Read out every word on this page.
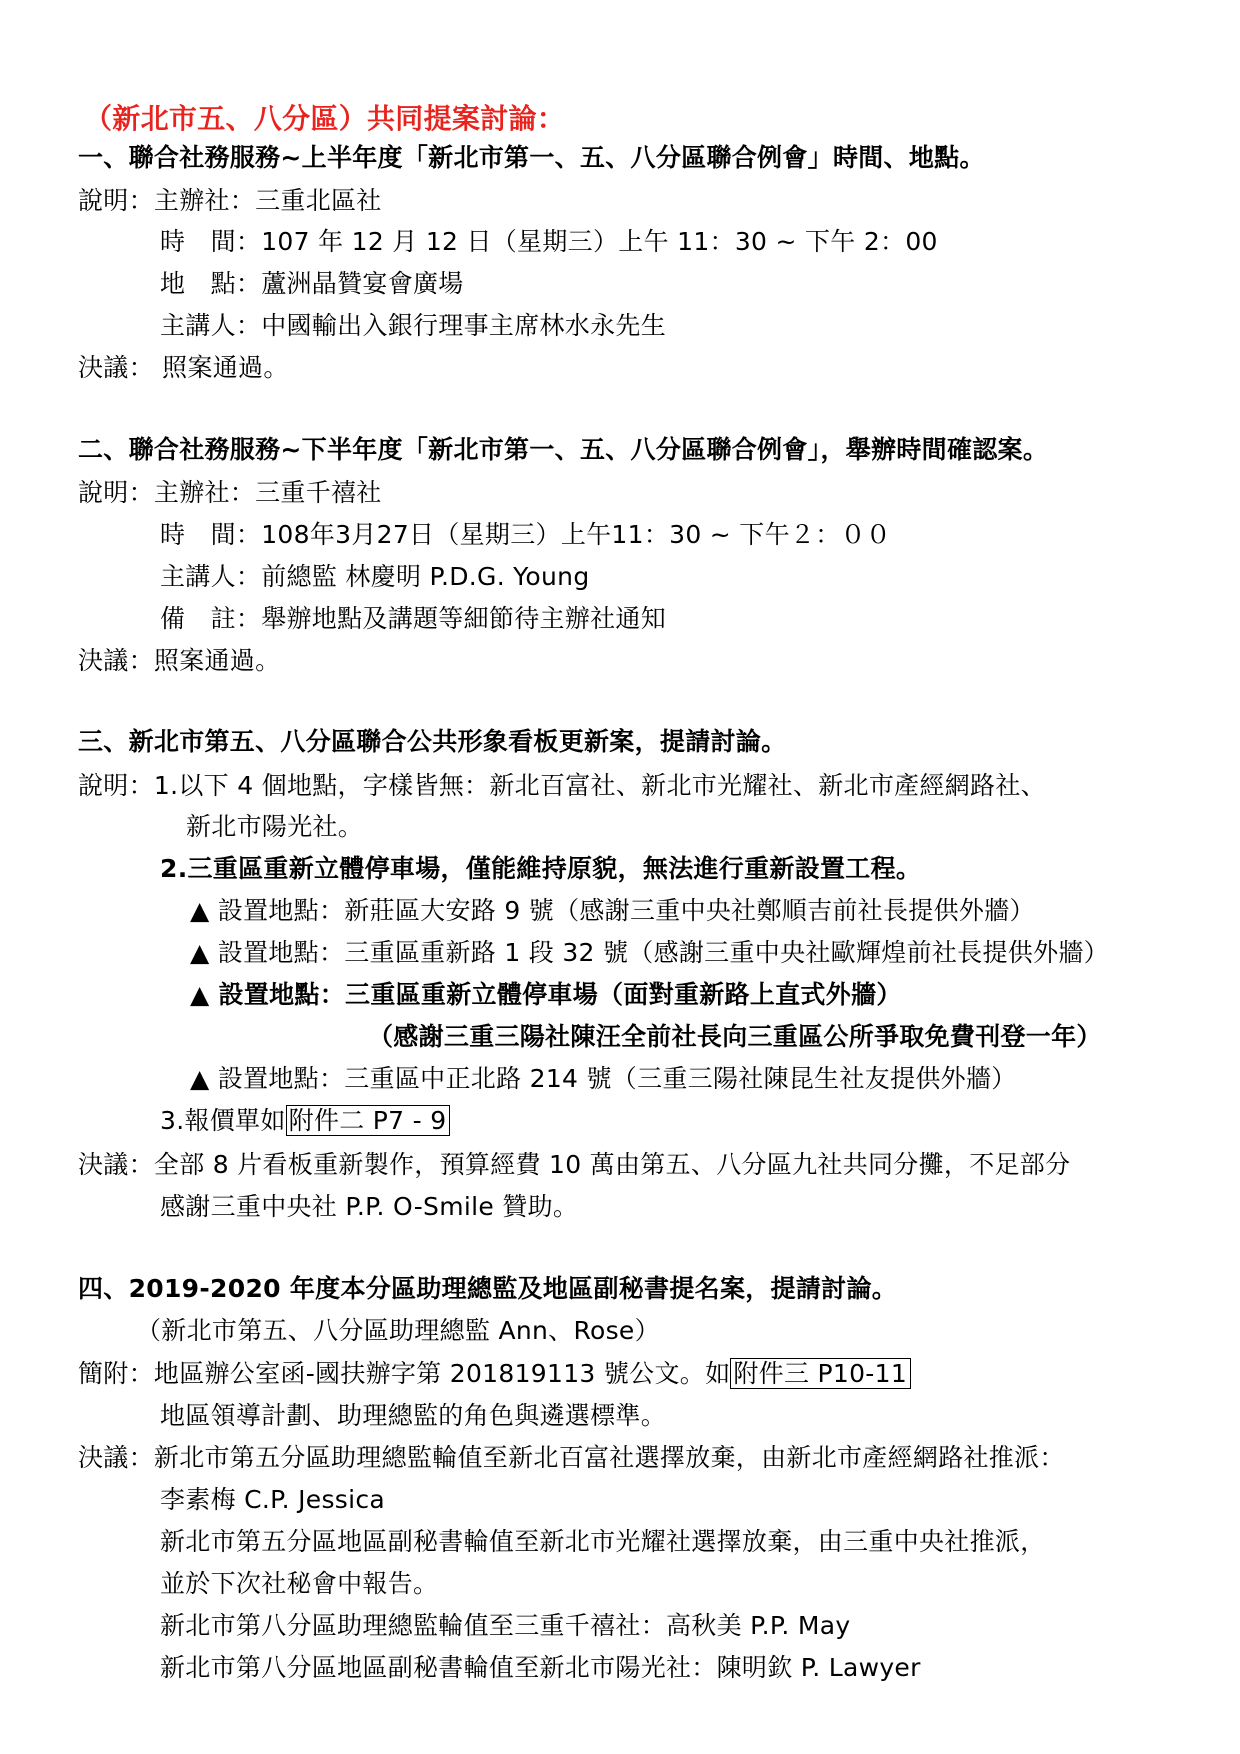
（新北市五、八分區）共同提案討論：
一、聯合社務服務~上半年度「新北市第一、五、八分區聯合例會」時間、地點。
說明：主辦社：三重北區社
時　間：107 年 12 月 12 日（星期三）上午 11：30 ~ 下午 2：00
地　點：蘆洲晶贊宴會廣場
主講人：中國輸出入銀行理事主席林水永先生
決議： 照案通過。
二、聯合社務服務~下半年度「新北市第一、五、八分區聯合例會」，舉辦時間確認案。
說明：主辦社：三重千禧社
時　間：108年3月27日（星期三）上午11：30 ~ 下午２：００
主講人：前總監 林慶明 P.D.G. Young
備　註：舉辦地點及講題等細節待主辦社通知
決議：照案通過。
三、新北市第五、八分區聯合公共形象看板更新案，提請討論。
說明：1.以下 4 個地點，字樣皆無：新北百富社、新北市光耀社、新北市產經網路社、
新北市陽光社。
2.三重區重新立體停車場，僅能維持原貌，無法進行重新設置工程。
▲ 設置地點：新莊區大安路 9 號（感謝三重中央社鄭順吉前社長提供外牆）
▲ 設置地點：三重區重新路 1 段 32 號（感謝三重中央社歐輝煌前社長提供外牆）
▲ 設置地點：三重區重新立體停車場（面對重新路上直式外牆）
（感謝三重三陽社陳汪全前社長向三重區公所爭取免費刊登一年）
▲ 設置地點：三重區中正北路 214 號（三重三陽社陳昆生社友提供外牆）
3.報價單如 附件二 P7 - 9
決議：全部 8 片看板重新製作，預算經費 10 萬由第五、八分區九社共同分攤，不足部分
感謝三重中央社 P.P. O-Smile 贊助。
四、2019-2020 年度本分區助理總監及地區副秘書提名案，提請討論。
（新北市第五、八分區助理總監 Ann、Rose）
簡附：地區辦公室函-國扶辦字第 201819113 號公文。如 附件三 P10-11
地區領導計劃、助理總監的角色與遴選標準。
決議：新北市第五分區助理總監輪值至新北百富社選擇放棄，由新北市產經網路社推派：
李素梅 C.P. Jessica
新北市第五分區地區副秘書輪值至新北市光耀社選擇放棄，由三重中央社推派，
並於下次社秘會中報告。
新北市第八分區助理總監輪值至三重千禧社：高秋美 P.P. May
新北市第八分區地區副秘書輪值至新北市陽光社：陳明欽 P. Lawyer
